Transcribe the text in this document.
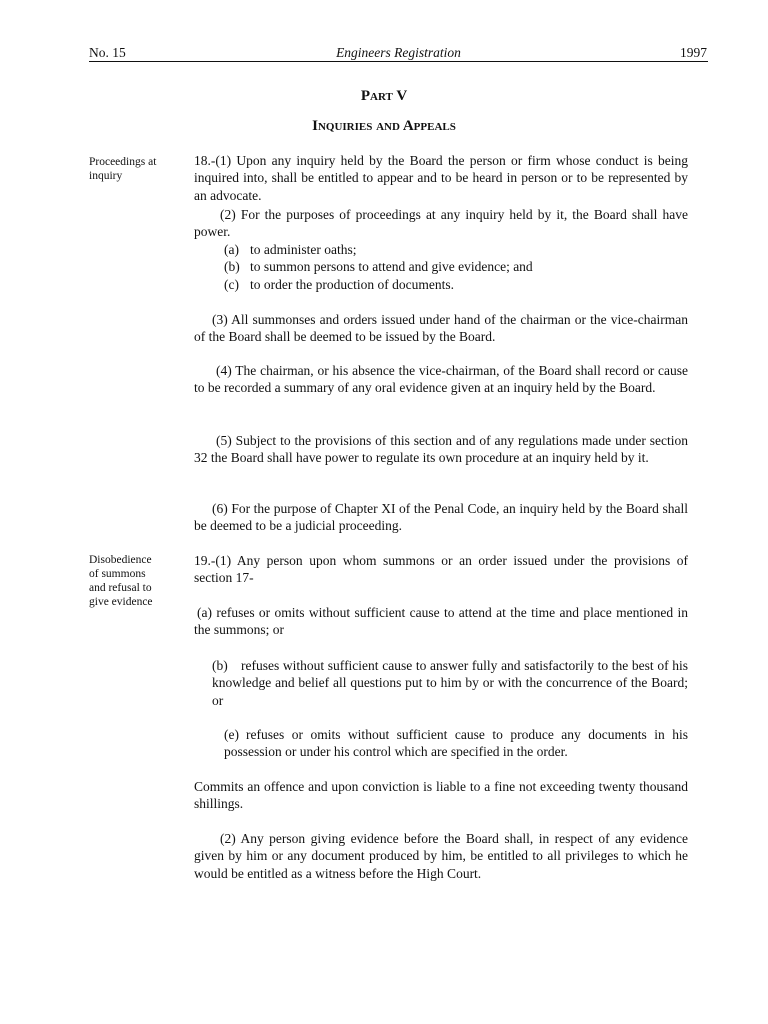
No. 15	Engineers Registration	1997
Part V
Inquiries and Appeals
Proceedings at inquiry
Disobedience of summons and refusal to give evidence
18.-(1) Upon any inquiry held by the Board the person or firm whose conduct is being inquired into, shall be entitled to appear and to be heard in person or to be represented by an advocate.
(2) For the purposes of proceedings at any inquiry held by it, the Board shall have power.
(a) to administer oaths;
(b) to summon persons to attend and give evidence; and
(c) to order the production of documents.
(3) All summonses and orders issued under hand of the chairman or the vice-chairman of the Board shall be deemed to be issued by the Board.
(4) The chairman, or his absence the vice-chairman, of the Board shall record or cause to be recorded a summary of any oral evidence given at an inquiry held by the Board.
(5) Subject to the provisions of this section and of any regulations made under section 32 the Board shall have power to regulate its own procedure at an inquiry held by it.
(6) For the purpose of Chapter XI of the Penal Code, an inquiry held by the Board shall be deemed to be a judicial proceeding.
19.-(1) Any person upon whom summons or an order issued under the provisions of section 17-
(a) refuses or omits without sufficient cause to attend at the time and place mentioned in the summons; or
(b) refuses without sufficient cause to answer fully and satisfactorily to the best of his knowledge and belief all questions put to him by or with the concurrence of the Board; or
(e) refuses or omits without sufficient cause to produce any documents in his possession or under his control which are specified in the order.
Commits an offence and upon conviction is liable to a fine not exceeding twenty thousand shillings.
(2) Any person giving evidence before the Board shall, in respect of any evidence given by him or any document produced by him, be entitled to all privileges to which he would be entitled as a witness before the High Court.
